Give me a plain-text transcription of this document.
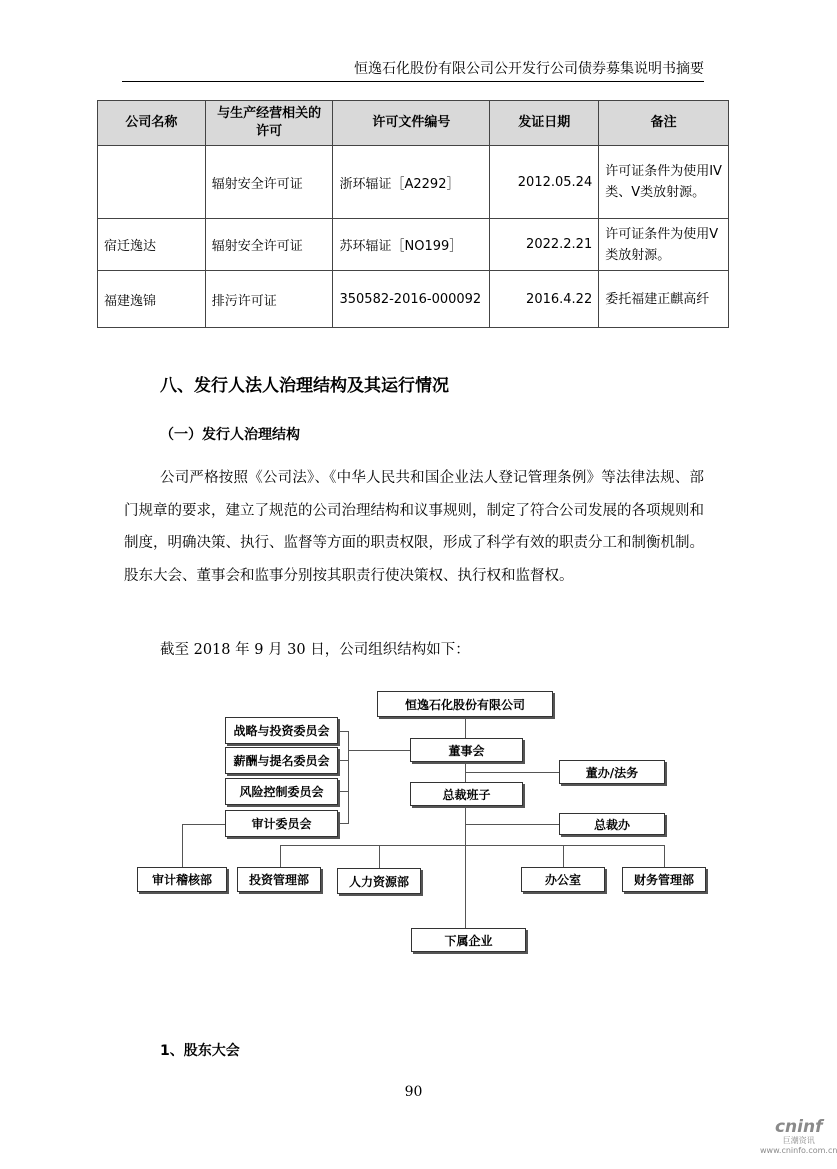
恒逸石化股份有限公司公开发行公司债券募集说明书摘要
公司名称	与生产经营相关的许可	许可文件编号	发证日期	备注
	辐射安全许可证	浙环辐证［A2292］	2012.05.24	许可证条件为使用IV类、V类放射源。
宿迁逸达	辐射安全许可证	苏环辐证［NO199］	2022.2.21	许可证条件为使用V类放射源。
福建逸锦	排污许可证	350582-2016-000092	2016.4.22	委托福建正麒高纤
八、发行人法人治理结构及其运行情况
（一）发行人治理结构
公司严格按照《公司法》、《中华人民共和国企业法人登记管理条例》等法律法规、部门规章的要求，建立了规范的公司治理结构和议事规则，制定了符合公司发展的各项规则和制度，明确决策、执行、监督等方面的职责权限，形成了科学有效的职责分工和制衡机制。股东大会、董事会和监事分别按其职责行使决策权、执行权和监督权。
截至 2018 年 9 月 30 日，公司组织结构如下：
恒逸石化股份有限公司
董事会
战略与投资委员会
薪酬与提名委员会
风险控制委员会
审计委员会
董办/法务
总裁班子
总裁办
审计稽核部	投资管理部	人力资源部	办公室	财务管理部
下属企业
1、股东大会
90
cninf
巨潮资讯
www.cninfo.com.cn
